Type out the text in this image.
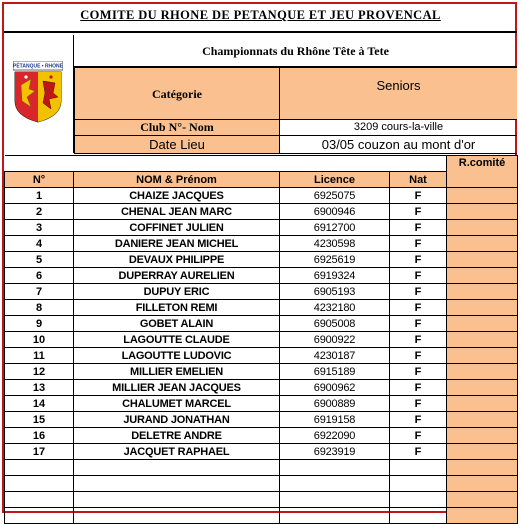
COMITE DU RHONE DE PETANQUE ET JEU PROVENCAL
PÉTANQUE • RHONE
Championnats du Rhône Tête à Tete
Catégorie
Seniors
Club N°- Nom	3209 cours-la-ville
Date Lieu	03/05 couzon au mont d'or
				R.comité
N°	NOM & Prénom	Licence	Nat	
1	CHAIZE JACQUES	6925075	F	
2	CHENAL JEAN MARC	6900946	F	
3	COFFINET JULIEN	6912700	F	
4	DANIERE JEAN MICHEL	4230598	F	
5	DEVAUX PHILIPPE	6925619	F	
6	DUPERRAY AURELIEN	6919324	F	
7	DUPUY ERIC	6905193	F	
8	FILLETON REMI	4232180	F	
9	GOBET ALAIN	6905008	F	
10	LAGOUTTE CLAUDE	6900922	F	
11	LAGOUTTE LUDOVIC	4230187	F	
12	MILLIER EMELIEN	6915189	F	
13	MILLIER JEAN JACQUES	6900962	F	
14	CHALUMET MARCEL	6900889	F	
15	JURAND JONATHAN	6919158	F	
16	DELETRE ANDRE	6922090	F	
17	JACQUET RAPHAEL	6923919	F	
